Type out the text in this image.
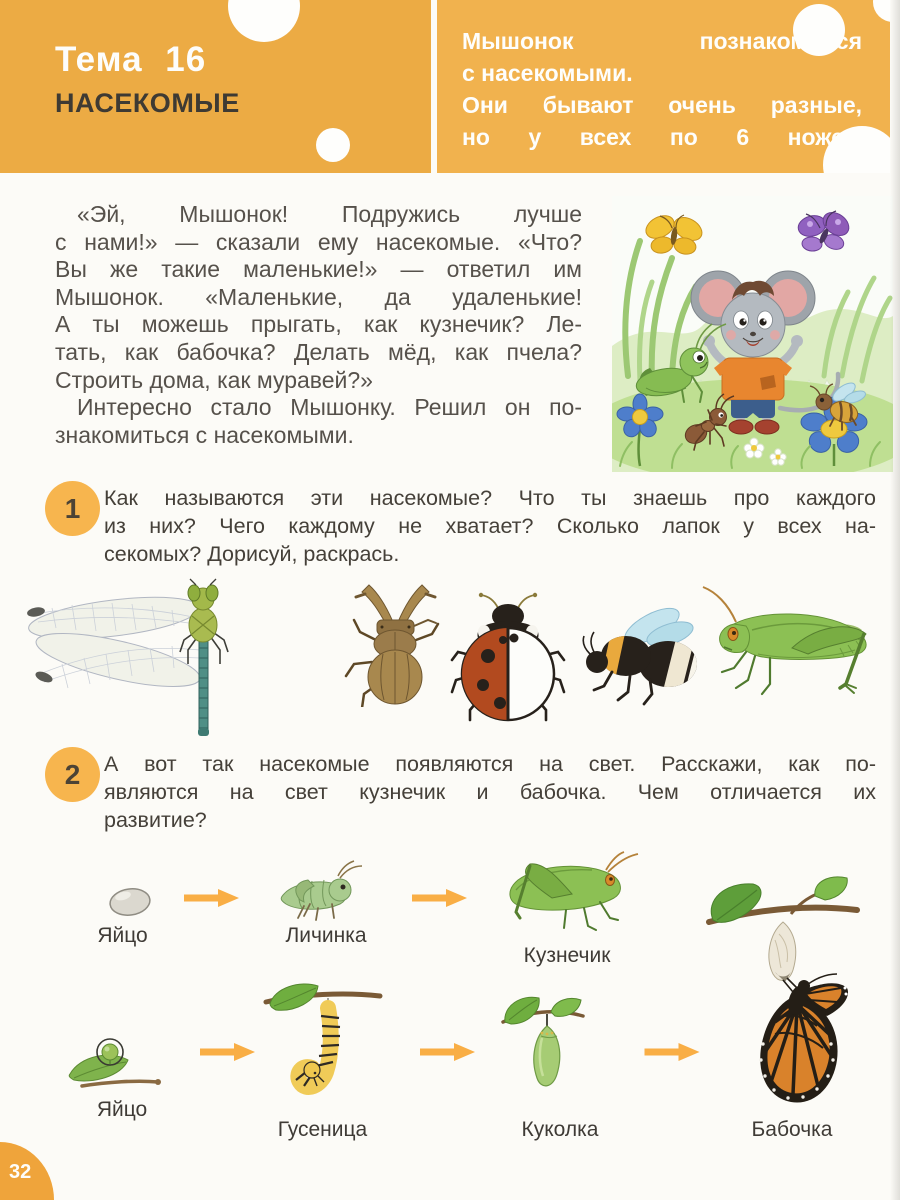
Тема 16
НАСЕКОМЫЕ
Мышонок познакомился
с насекомыми.
Они бывают очень разные,
но у всех по 6 ножек.
«Эй, Мышонок! Подружись лучше
с нами!» — сказали ему насекомые. «Что?
Вы же такие маленькие!» — ответил им
Мышонок. «Маленькие, да удаленькие!
А ты можешь прыгать, как кузнечик? Ле-
тать, как бабочка? Делать мёд, как пчела?
Строить дома, как муравей?»
Интересно стало Мышонку. Решил он по-
знакомиться с насекомыми.
1	Как называются эти насекомые? Что ты знаешь про каждого
из них? Чего каждому не хватает? Сколько лапок у всех на-
секомых? Дорисуй, раскрась.
2	А вот так насекомые появляются на свет. Расскажи, как по-
являются на свет кузнечик и бабочка. Чем отличается их
развитие?
Яйцо	Личинка
Кузнечик
Бабочка
Яйцо
Гусеница	Куколка
32
